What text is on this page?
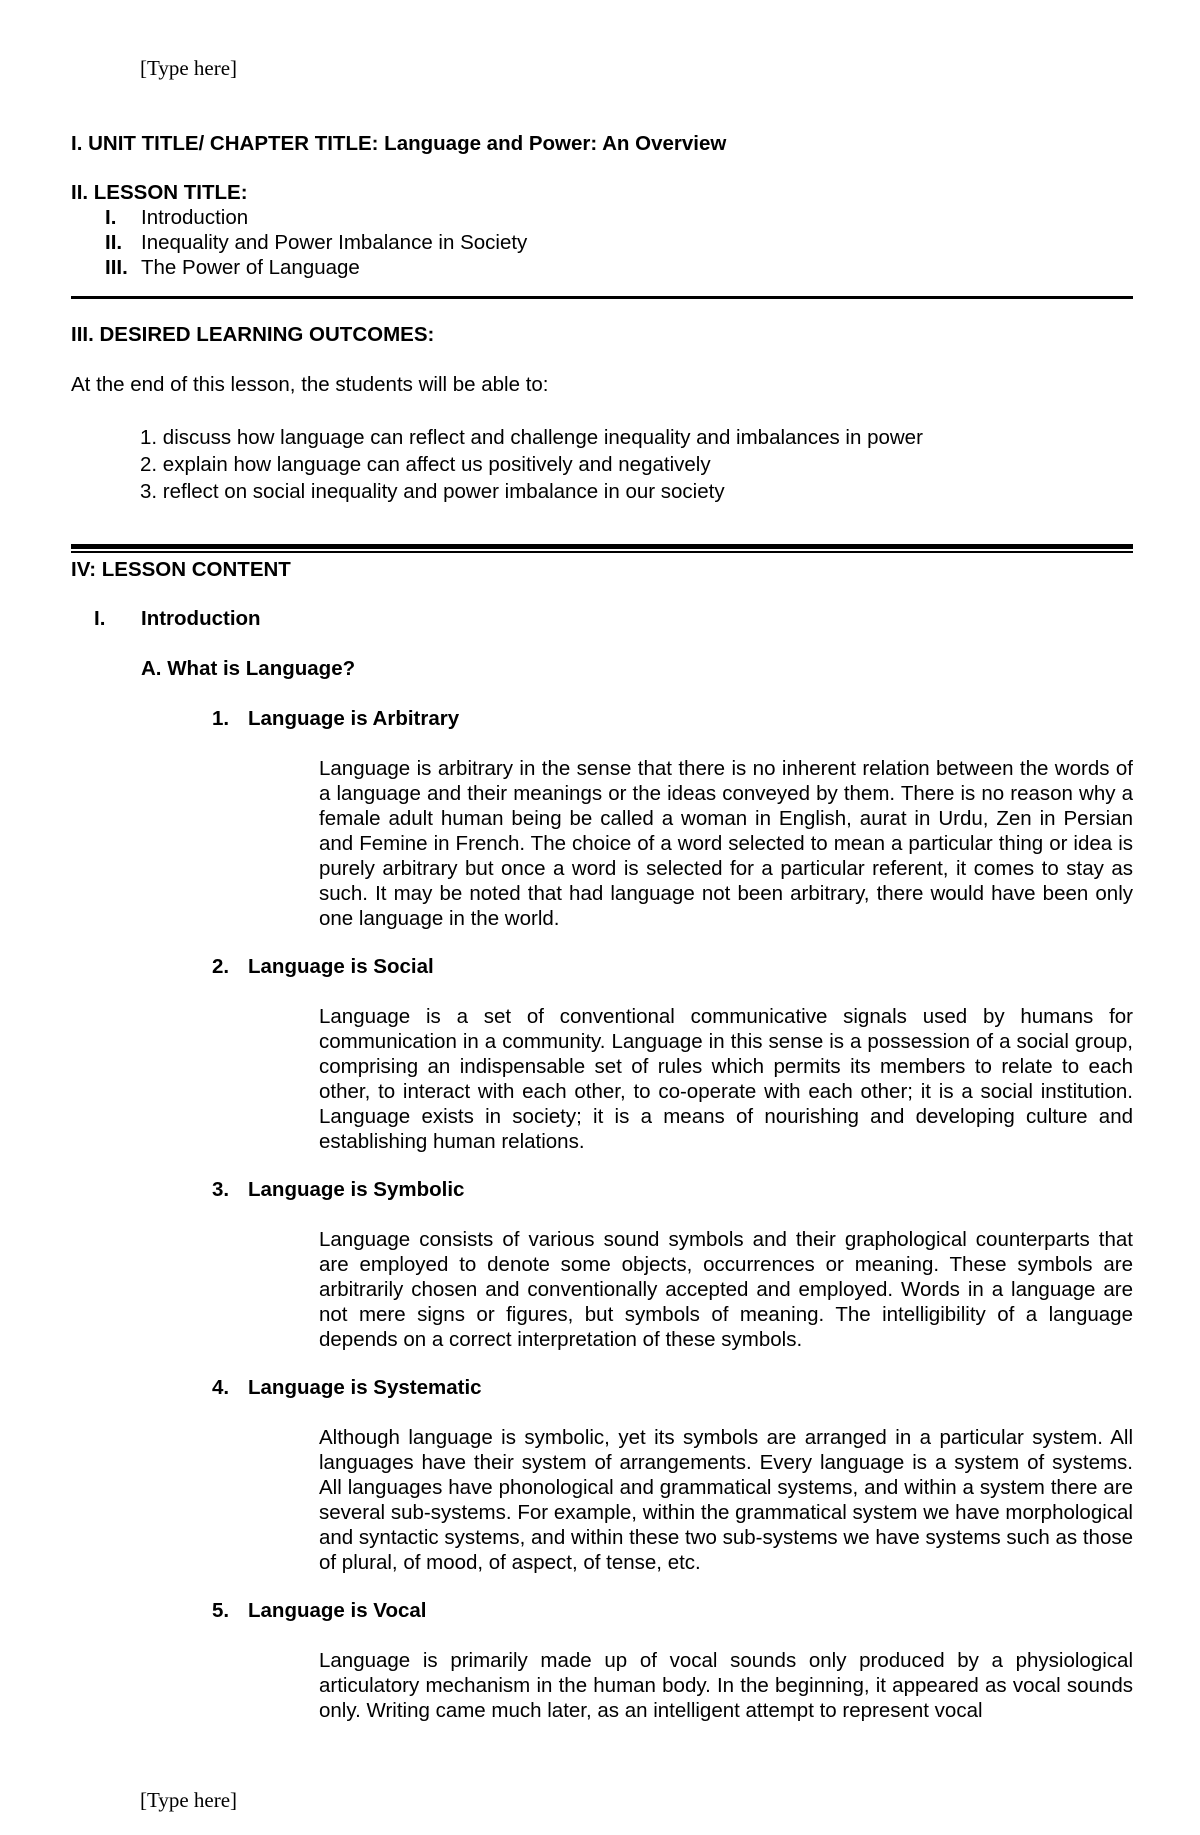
[Type here]
I. UNIT TITLE/ CHAPTER TITLE: Language and Power: An Overview
II. LESSON TITLE:
I.	Introduction
II. Inequality and Power Imbalance in Society
III. The Power of Language
III. DESIRED LEARNING OUTCOMES:
At the end of this lesson, the students will be able to:
1. discuss how language can reflect and challenge inequality and imbalances in power
2. explain how language can affect us positively and negatively
3. reflect on social inequality and power imbalance in our society
IV: LESSON CONTENT
I.	Introduction
A. What is Language?
1. Language is Arbitrary
Language is arbitrary in the sense that there is no inherent relation between the words of a language and their meanings or the ideas conveyed by them. There is no reason why a female adult human being be called a woman in English, aurat in Urdu, Zen in Persian and Femine in French. The choice of a word selected to mean a particular thing or idea is purely arbitrary but once a word is selected for a particular referent, it comes to stay as such. It may be noted that had language not been arbitrary, there would have been only one language in the world.
2. Language is Social
Language is a set of conventional communicative signals used by humans for communication in a community. Language in this sense is a possession of a social group, comprising an indispensable set of rules which permits its members to relate to each other, to interact with each other, to co-operate with each other; it is a social institution. Language exists in society; it is a means of nourishing and developing culture and establishing human relations.
3. Language is Symbolic
Language consists of various sound symbols and their graphological counterparts that are employed to denote some objects, occurrences or meaning. These symbols are arbitrarily chosen and conventionally accepted and employed. Words in a language are not mere signs or figures, but symbols of meaning. The intelligibility of a language depends on a correct interpretation of these symbols.
4. Language is Systematic
Although language is symbolic, yet its symbols are arranged in a particular system. All languages have their system of arrangements. Every language is a system of systems. All languages have phonological and grammatical systems, and within a system there are several sub-systems. For example, within the grammatical system we have morphological and syntactic systems, and within these two sub-systems we have systems such as those of plural, of mood, of aspect, of tense, etc.
5. Language is Vocal
Language is primarily made up of vocal sounds only produced by a physiological articulatory mechanism in the human body. In the beginning, it appeared as vocal sounds only. Writing came much later, as an intelligent attempt to represent vocal
[Type here]
